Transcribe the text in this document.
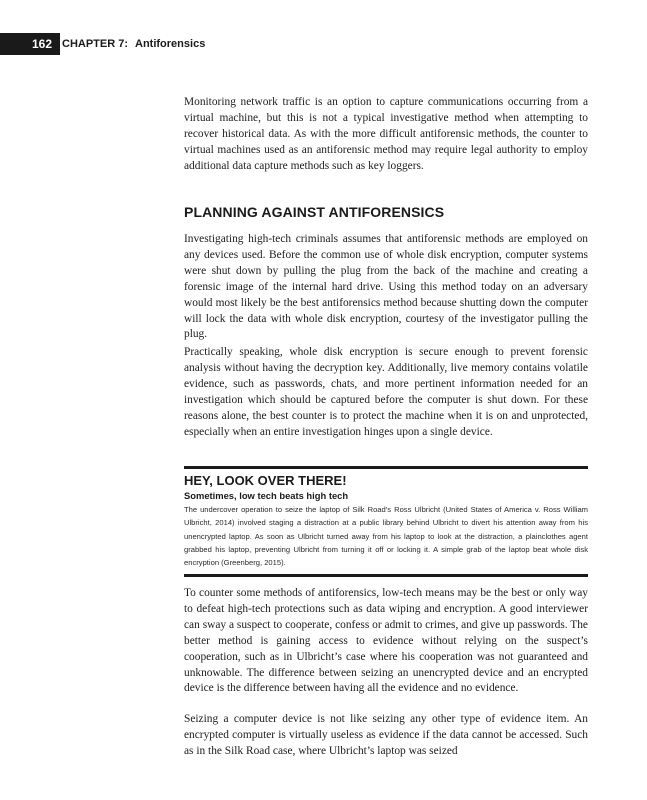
162 CHAPTER 7: Antiforensics

Monitoring network traffic is an option to capture communications occurring from a virtual machine, but this is not a typical investigative method when attempting to recover historical data. As with the more difficult antiforensic methods, the counter to virtual machines used as an antiforensic method may require legal authority to employ additional data capture methods such as key loggers.

PLANNING AGAINST ANTIFORENSICS

Investigating high-tech criminals assumes that antiforensic methods are employed on any devices used. Before the common use of whole disk encryption, computer systems were shut down by pulling the plug from the back of the machine and creating a forensic image of the internal hard drive. Using this method today on an adversary would most likely be the best antiforensics method because shutting down the computer will lock the data with whole disk encryption, courtesy of the investigator pulling the plug.

Practically speaking, whole disk encryption is secure enough to prevent forensic analysis without having the decryption key. Additionally, live memory contains volatile evidence, such as passwords, chats, and more pertinent information needed for an investigation which should be captured before the computer is shut down. For these reasons alone, the best counter is to protect the machine when it is on and unprotected, especially when an entire investigation hinges upon a single device.

HEY, LOOK OVER THERE!

Sometimes, low tech beats high tech

The undercover operation to seize the laptop of Silk Road’s Ross Ulbricht (United States of America v. Ross William Ulbricht, 2014) involved staging a distraction at a public library behind Ulbricht to divert his attention away from his unencrypted laptop. As soon as Ulbricht turned away from his laptop to look at the distraction, a plainclothes agent grabbed his laptop, preventing Ulbricht from turning it off or locking it. A simple grab of the laptop beat whole disk encryption (Greenberg, 2015).

To counter some methods of antiforensics, low-tech means may be the best or only way to defeat high-tech protections such as data wiping and encryption. A good interviewer can sway a suspect to cooperate, confess or admit to crimes, and give up passwords. The better method is gaining access to evidence without relying on the suspect’s cooperation, such as in Ulbricht’s case where his cooperation was not guaranteed and unknowable. The difference between seizing an unencrypted device and an encrypted device is the difference between having all the evidence and no evidence.

Seizing a computer device is not like seizing any other type of evidence item. An encrypted computer is virtually useless as evidence if the data cannot be accessed. Such as in the Silk Road case, where Ulbricht’s laptop was seized
